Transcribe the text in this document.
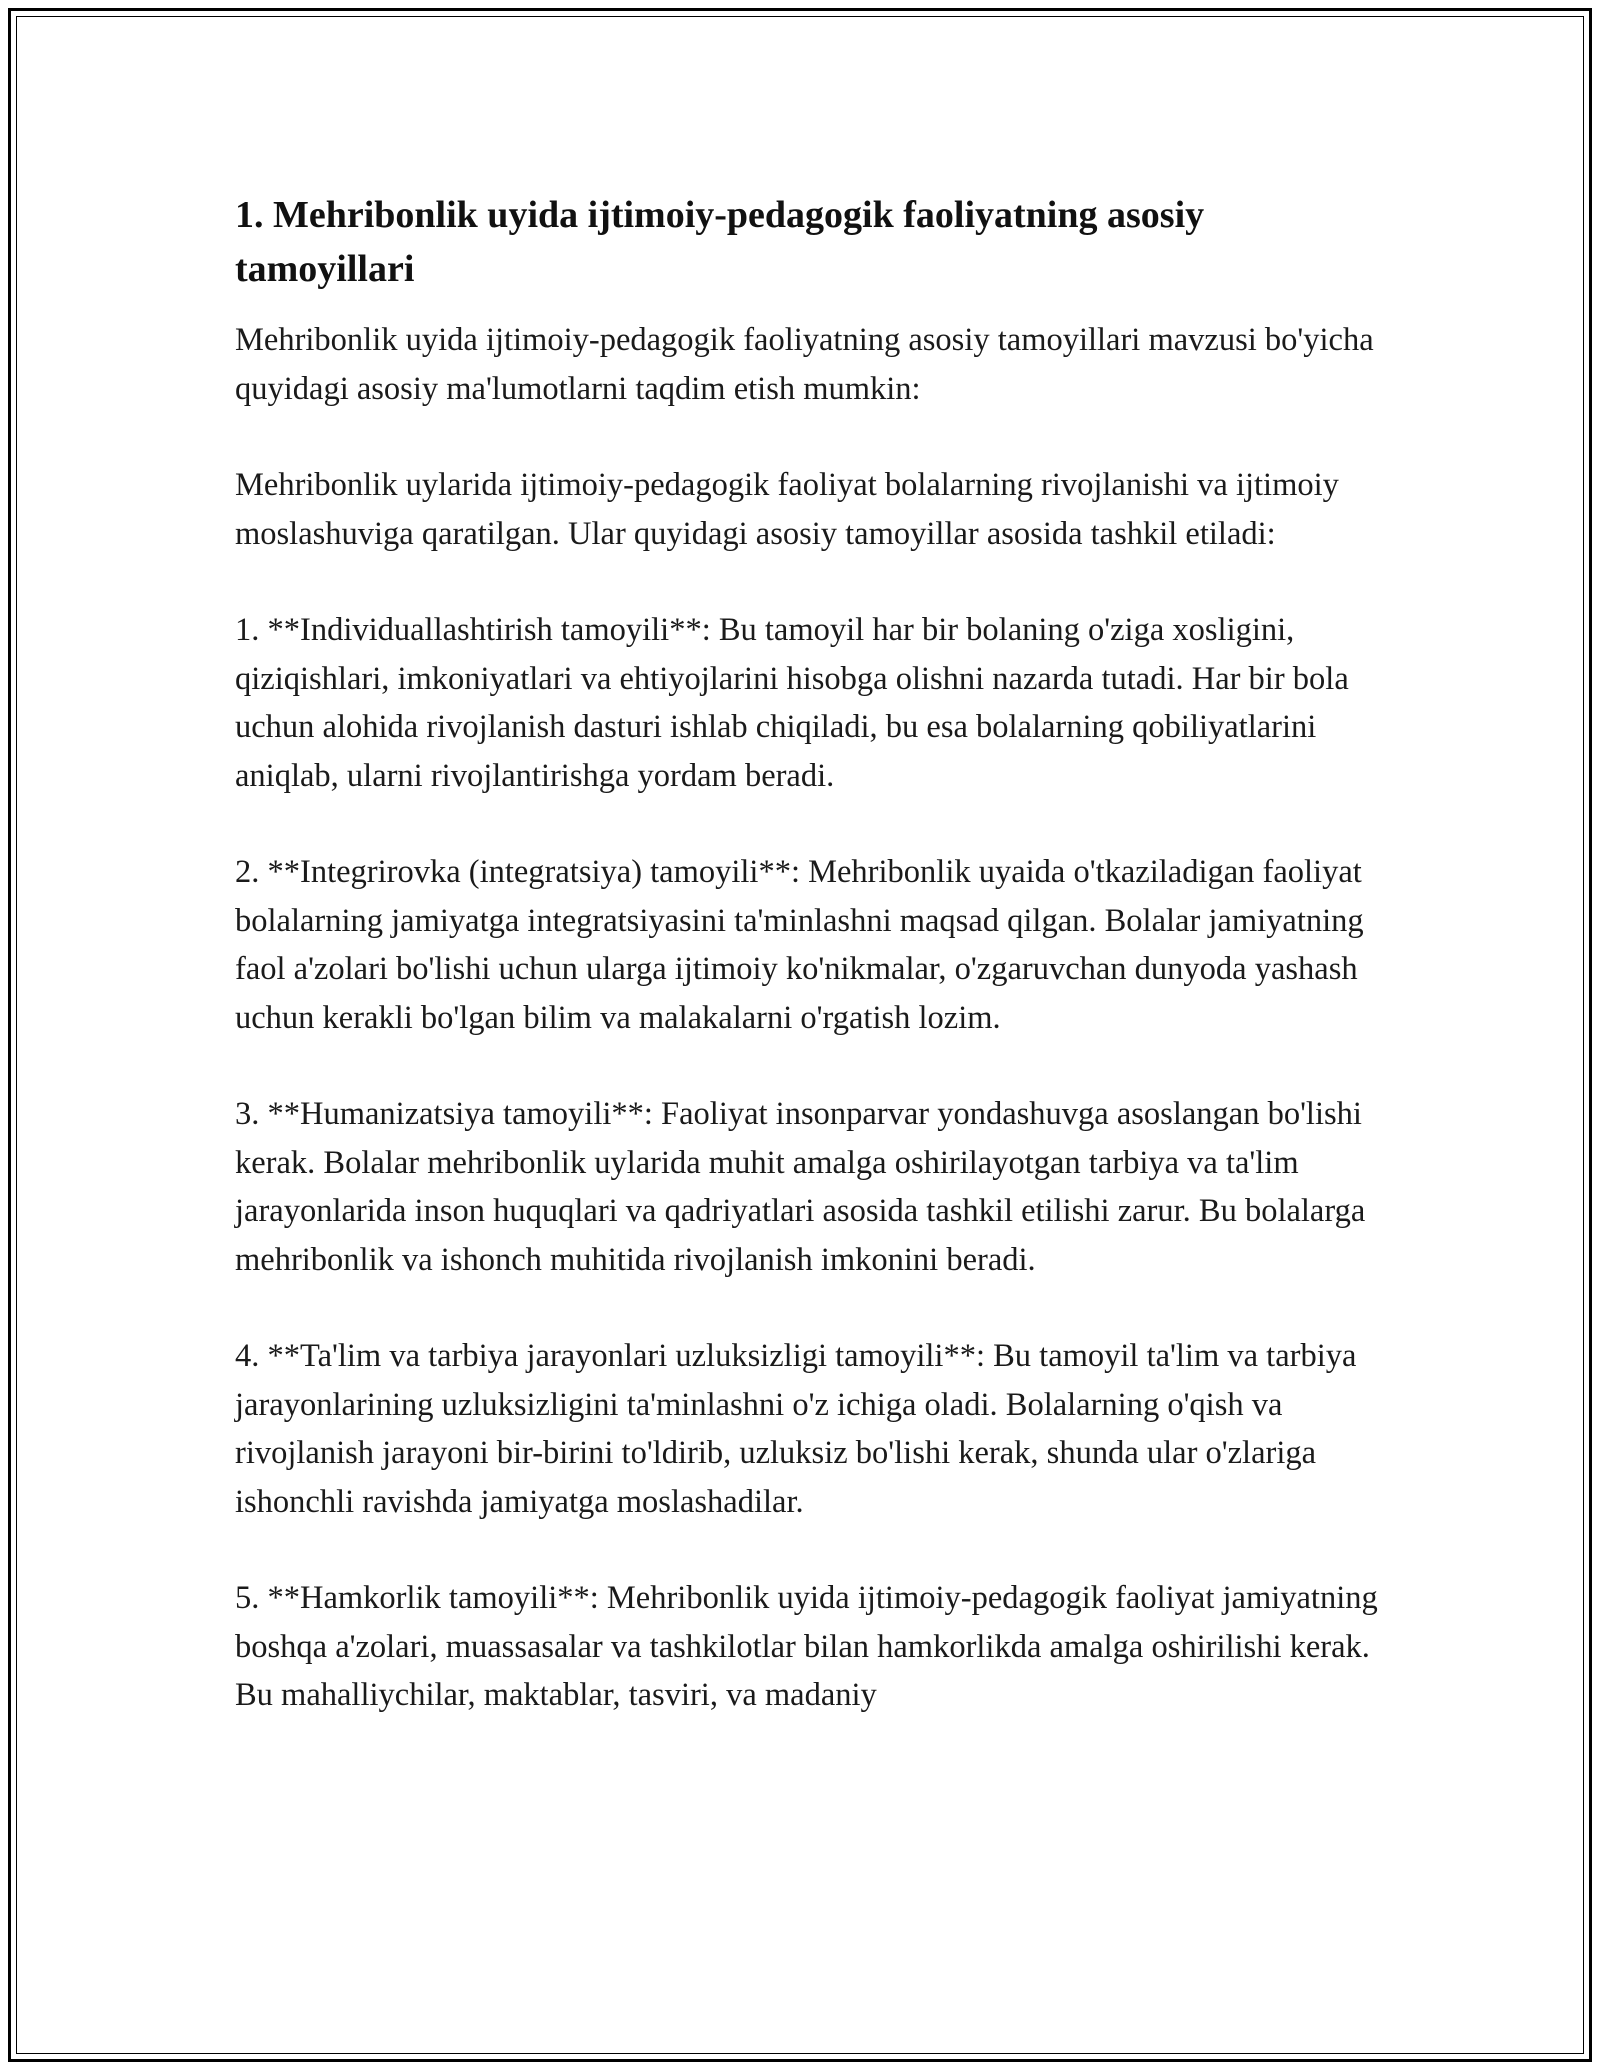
1. Mehribonlik uyida ijtimoiy-pedagogik faoliyatning asosiy tamoyillari

Mehribonlik uyida ijtimoiy-pedagogik faoliyatning asosiy tamoyillari mavzusi bo'yicha quyidagi asosiy ma'lumotlarni taqdim etish mumkin:

Mehribonlik uylarida ijtimoiy-pedagogik faoliyat bolalarning rivojlanishi va ijtimoiy moslashuviga qaratilgan. Ular quyidagi asosiy tamoyillar asosida tashkil etiladi:

1. **Individuallashtirish tamoyili**: Bu tamoyil har bir bolaning o'ziga xosligini, qiziqishlari, imkoniyatlari va ehtiyojlarini hisobga olishni nazarda tutadi. Har bir bola uchun alohida rivojlanish dasturi ishlab chiqiladi, bu esa bolalarning qobiliyatlarini aniqlab, ularni rivojlantirishga yordam beradi.

2. **Integrirovka (integratsiya) tamoyili**: Mehribonlik uyaida o'tkaziladigan faoliyat bolalarning jamiyatga integratsiyasini ta'minlashni maqsad qilgan. Bolalar jamiyatning faol a'zolari bo'lishi uchun ularga ijtimoiy ko'nikmalar, o'zgaruvchan dunyoda yashash uchun kerakli bo'lgan bilim va malakalarni o'rgatish lozim.

3. **Humanizatsiya tamoyili**: Faoliyat insonparvar yondashuvga asoslangan bo'lishi kerak. Bolalar mehribonlik uylarida muhit amalga oshirilayotgan tarbiya va ta'lim jarayonlarida inson huquqlari va qadriyatlari asosida tashkil etilishi zarur. Bu bolalarga mehribonlik va ishonch muhitida rivojlanish imkonini beradi.

4. **Ta'lim va tarbiya jarayonlari uzluksizligi tamoyili**: Bu tamoyil ta'lim va tarbiya jarayonlarining uzluksizligini ta'minlashni o'z ichiga oladi. Bolalarning o'qish va rivojlanish jarayoni bir-birini to'ldirib, uzluksiz bo'lishi kerak, shunda ular o'zlariga ishonchli ravishda jamiyatga moslashadilar.

5. **Hamkorlik tamoyili**: Mehribonlik uyida ijtimoiy-pedagogik faoliyat jamiyatning boshqa a'zolari, muassasalar va tashkilotlar bilan hamkorlikda amalga oshirilishi kerak. Bu mahalliychilar, maktablar, tasviri, va madaniy
